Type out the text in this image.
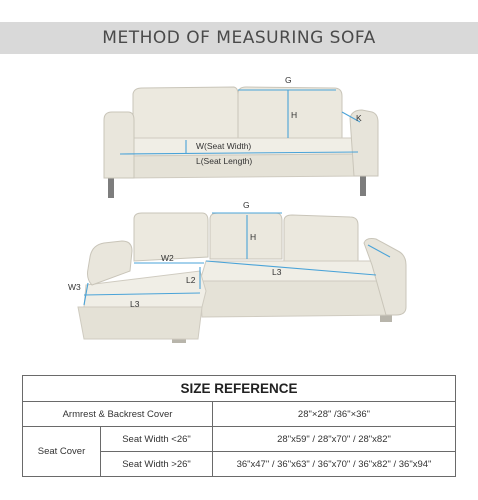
METHOD OF MEASURING SOFA
G
H	K
W(Seat Width)
L(Seat Length)
G
H
W2
L2
L3
W3
L3
SIZE REFERENCE		
Armrest & Backrest Cover		28"×28" /36"×36"
Seat Cover	Seat Width <26"	28"x59" / 28"x70" / 28"x82"
	Seat Width >26"	36"x47" / 36"x63" / 36"x70" / 36"x82" / 36"x94"
